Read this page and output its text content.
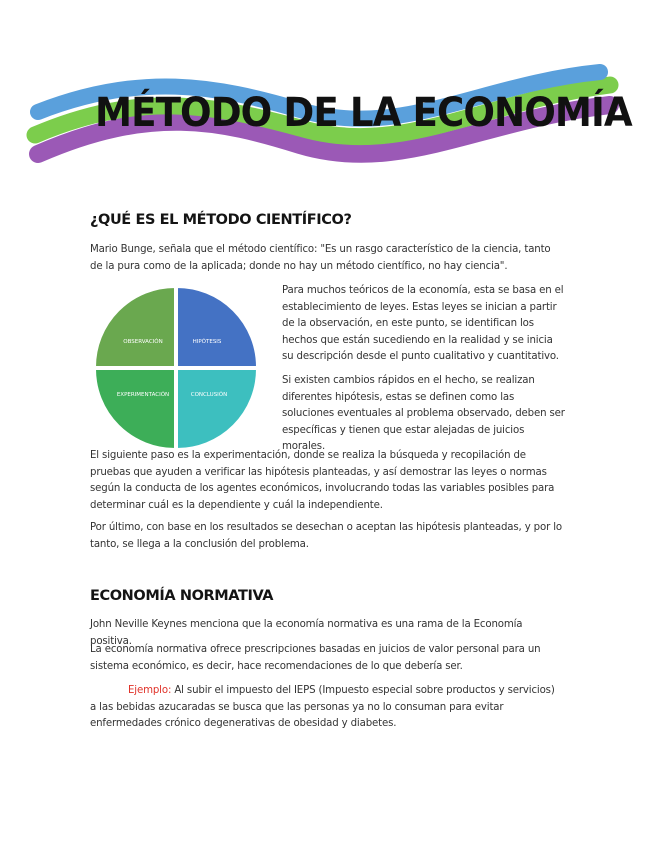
MÉTODO DE LA ECONOMÍA
¿QUÉ ES EL MÉTODO CIENTÍFICO?
Mario Bunge, señala que el método científico: "Es un rasgo característico de la ciencia, tanto de la pura como de la aplicada; donde no hay un método científico, no hay ciencia".
OBSERVACIÓN	HIPÓTESIS
EXPERIMENTACIÓN	CONCLUSIÓN
Para muchos teóricos de la economía, esta se basa en el establecimiento de leyes. Estas leyes se inician a partir de la observación, en este punto, se identifican los hechos que están sucediendo en la realidad y se inicia su descripción desde el punto cualitativo y cuantitativo.
Si existen cambios rápidos en el hecho, se realizan diferentes hipótesis, estas se definen como las soluciones eventuales al problema observado, deben ser específicas y tienen que estar alejadas de juicios morales.
El siguiente paso es la experimentación, donde se realiza la búsqueda y recopilación de pruebas que ayuden a verificar las hipótesis planteadas, y así demostrar las leyes o normas según la conducta de los agentes económicos, involucrando todas las variables posibles para determinar cuál es la dependiente y cuál la independiente.
Por último, con base en los resultados se desechan o aceptan las hipótesis planteadas, y por lo tanto, se llega a la conclusión del problema.
ECONOMÍA NORMATIVA
John Neville Keynes menciona que la economía normativa es una rama de la Economía positiva.
La economía normativa ofrece prescripciones basadas en juicios de valor personal para un sistema económico, es decir, hace recomendaciones de lo que debería ser.
Ejemplo: Al subir el impuesto del IEPS (Impuesto especial sobre productos y servicios) a las bebidas azucaradas se busca que las personas ya no lo consuman para evitar enfermedades crónico degenerativas de obesidad y diabetes.
